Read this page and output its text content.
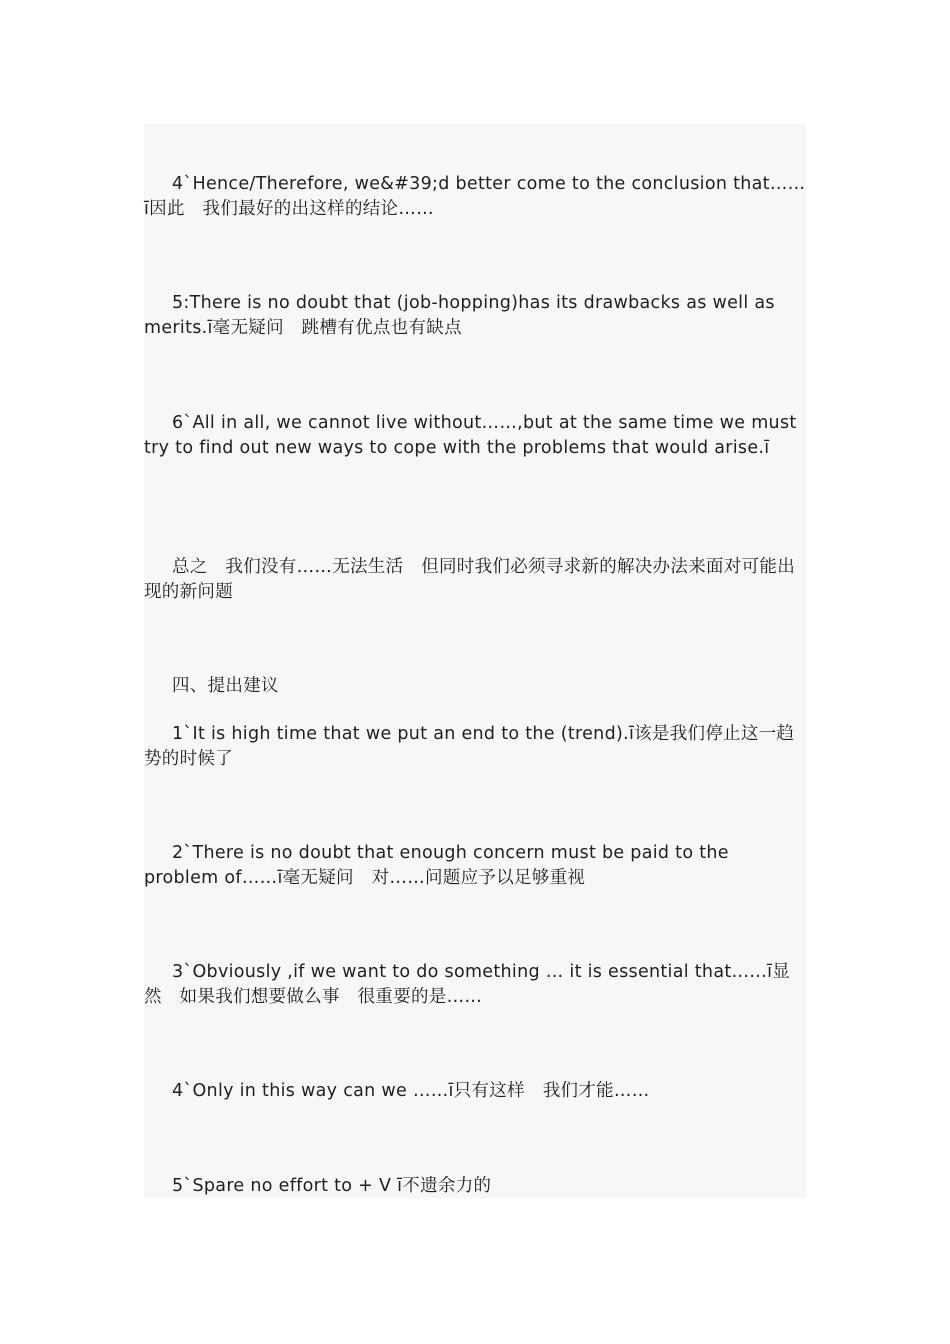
4ˋHence/Therefore, we&#39;d better come to the conclusion that……ī因此　我们最好的出这样的结论……

5:There is no doubt that (job-hopping)has its drawbacks as well as merits.ī毫无疑问　跳槽有优点也有缺点

6ˋAll in all, we cannot live without……,but at the same time we must try to find out new ways to cope with the problems that would arise.ī

总之　我们没有……无法生活　但同时我们必须寻求新的解决办法来面对可能出现的新问题

四、提出建议

1ˋIt is high time that we put an end to the (trend).ī该是我们停止这一趋势的时候了

2ˋThere is no doubt that enough concern must be paid to the problem of……ī毫无疑问　对……问题应予以足够重视

3ˋObviously ,if we want to do something … it is essential that……ī显然　如果我们想要做么事　很重要的是……

4ˋOnly in this way can we ……ī只有这样　我们才能……

5ˋSpare no effort to + V ī不遗余力的
